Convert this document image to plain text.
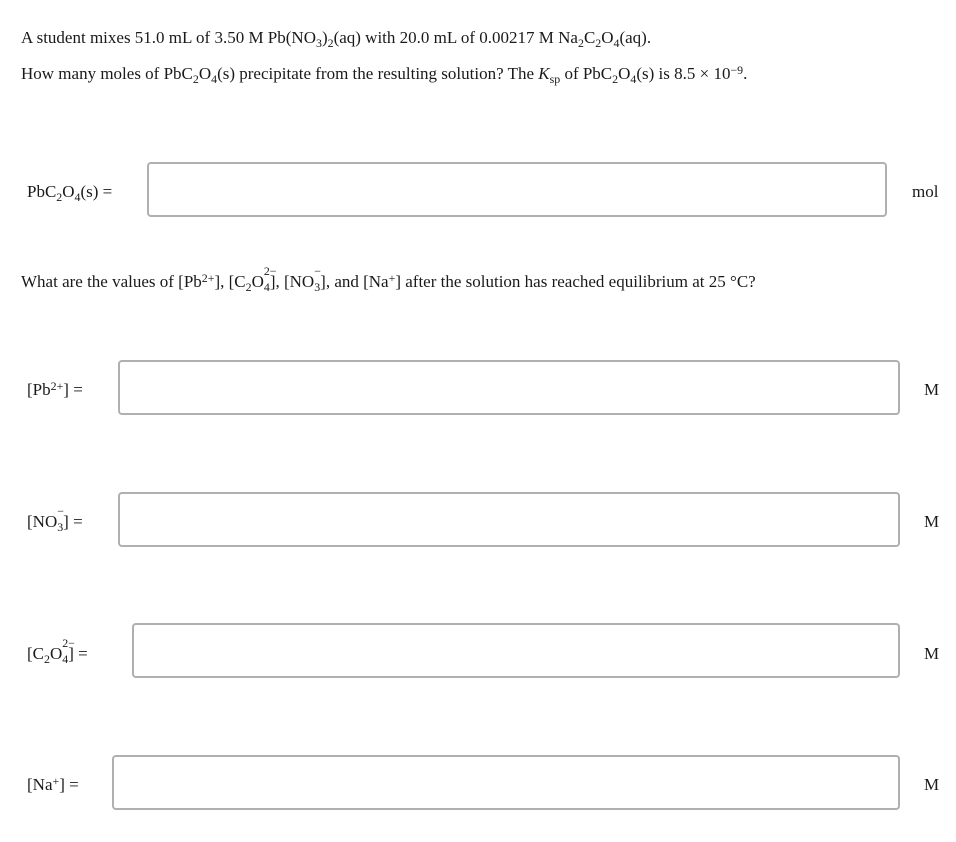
A student mixes 51.0 mL of 3.50 M $Pb(NO_3)_2(aq)$ with 20.0 mL of 0.00217 M $Na_2C_2O_4(aq)$.
How many moles of $PbC_2O_4(s)$ precipitate from the resulting solution? The $K_{sp}$ of $PbC_2O_4(s)$ is $8.5 \times 10^{-9}$.
$PbC_2O_4(s)$ =	mol
What are the values of $[Pb^{2+}]$, [$C_2O$
2−
$_4$], [NO
−
$_3$], and [Na+] after the solution has reached equilibrium at 25 °C?
$[Pb^{2+}]$ =	M
[NO
−
$_3$] =	M
[$C_2O$
2−
$_4$] =	M
[Na+] =	M
